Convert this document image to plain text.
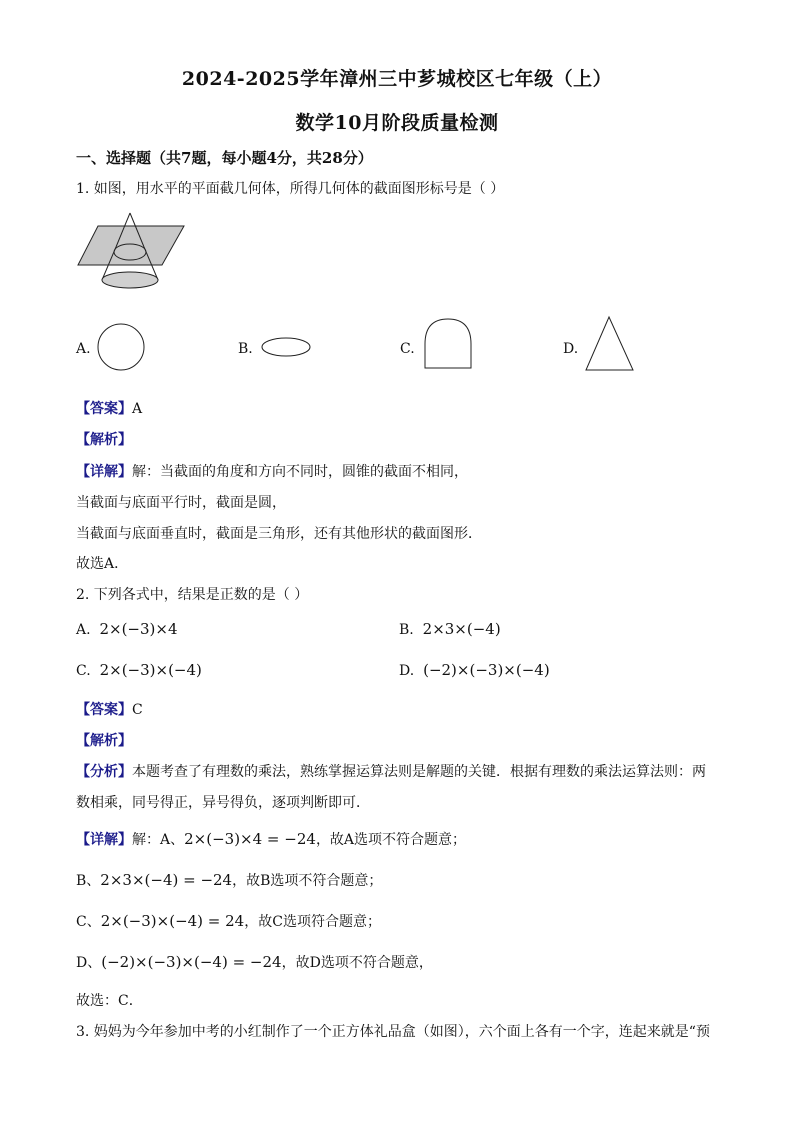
2024-2025学年漳州三中芗城校区七年级（上）
数学10月阶段质量检测
一、选择题（共7题，每小题4分，共28分）
1. 如图，用水平的平面截几何体，所得几何体的截面图形标号是（ ）
A.	B.	C.	D.
【答案】A
【解析】
【详解】解：当截面的角度和方向不同时，圆锥的截面不相同，
当截面与底面平行时，截面是圆，
当截面与底面垂直时，截面是三角形，还有其他形状的截面图形．
故选A．
2. 下列各式中，结果是正数的是（ ）
A. 2×(−3)×4	B. 2×3×(−4)
C. 2×(−3)×(−4)	D. (−2)×(−3)×(−4)
【答案】C
【解析】
【分析】本题考查了有理数的乘法，熟练掌握运算法则是解题的关键．根据有理数的乘法运算法则：两
数相乘，同号得正，异号得负，逐项判断即可．
【详解】解：A、2×(−3)×4 = −24，故A选项不符合题意；
B、2×3×(−4) = −24，故B选项不符合题意；
C、2×(−3)×(−4) = 24，故C选项符合题意；
D、(−2)×(−3)×(−4) = −24，故D选项不符合题意，
故选：C．
3. 妈妈为今年参加中考的小红制作了一个正方体礼品盒（如图），六个面上各有一个字，连起来就是“预
